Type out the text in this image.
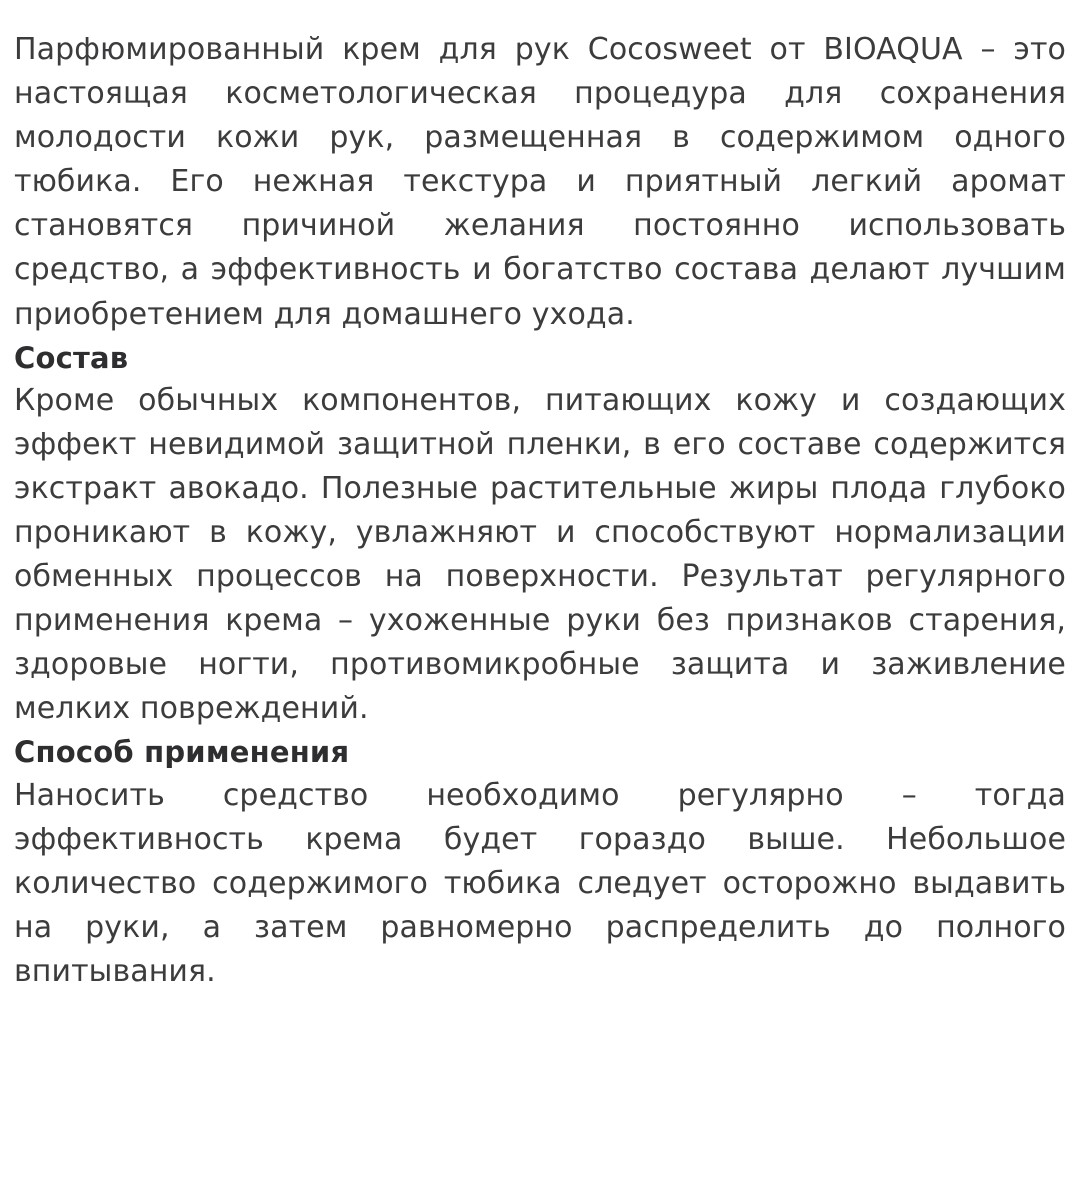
Парфюмированный крем для рук Cocosweet от BIOAQUA – это настоящая косметологическая процедура для сохранения молодости кожи рук, размещенная в содержимом одного тюбика. Его нежная текстура и приятный легкий аромат становятся причиной желания постоянно использовать средство, а эффективность и богатство состава делают лучшим приобретением для домашнего ухода.

Состав

Кроме обычных компонентов, питающих кожу и создающих эффект невидимой защитной пленки, в его составе содержится экстракт авокадо. Полезные растительные жиры плода глубоко проникают в кожу, увлажняют и способствуют нормализации обменных процессов на поверхности. Результат регулярного применения крема – ухоженные руки без признаков старения, здоровые ногти, противомикробные защита и заживление мелких повреждений.

Способ применения

Наносить средство необходимо регулярно – тогда эффективность крема будет гораздо выше. Небольшое количество содержимого тюбика следует осторожно выдавить на руки, а затем равномерно распределить до полного впитывания.
